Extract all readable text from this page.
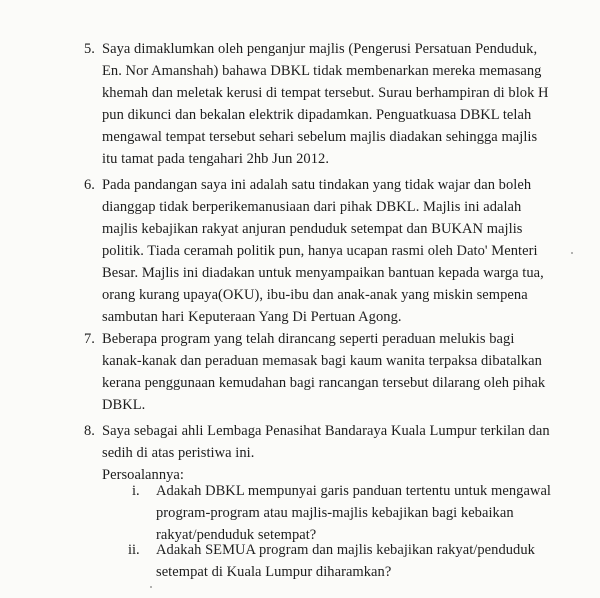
5. Saya dimaklumkan oleh penganjur majlis (Pengerusi Persatuan Penduduk,
En. Nor Amanshah) bahawa DBKL tidak membenarkan mereka memasang
khemah dan meletak kerusi di tempat tersebut. Surau berhampiran di blok H
pun dikunci dan bekalan elektrik dipadamkan. Penguatkuasa DBKL telah
mengawal tempat tersebut sehari sebelum majlis diadakan sehingga majlis
itu tamat pada tengahari 2hb Jun 2012.
6. Pada pandangan saya ini adalah satu tindakan yang tidak wajar dan boleh
dianggap tidak berperikemanusiaan dari pihak DBKL. Majlis ini adalah
majlis kebajikan rakyat anjuran penduduk setempat dan BUKAN majlis
politik. Tiada ceramah politik pun, hanya ucapan rasmi oleh Dato' Menteri
Besar. Majlis ini diadakan untuk menyampaikan bantuan kepada warga tua,
orang kurang upaya(OKU), ibu-ibu dan anak-anak yang miskin sempena
sambutan hari Keputeraan Yang Di Pertuan Agong.
7. Beberapa program yang telah dirancang seperti peraduan melukis bagi
kanak-kanak dan peraduan memasak bagi kaum wanita terpaksa dibatalkan
kerana penggunaan kemudahan bagi rancangan tersebut dilarang oleh pihak
DBKL.
8. Saya sebagai ahli Lembaga Penasihat Bandaraya Kuala Lumpur terkilan dan
sedih di atas peristiwa ini.
Persoalannya:
i. Adakah DBKL mempunyai garis panduan tertentu untuk mengawal
program-program atau majlis-majlis kebajikan bagi kebaikan
rakyat/penduduk setempat?
ii. Adakah SEMUA program dan majlis kebajikan rakyat/penduduk
setempat di Kuala Lumpur diharamkan?
